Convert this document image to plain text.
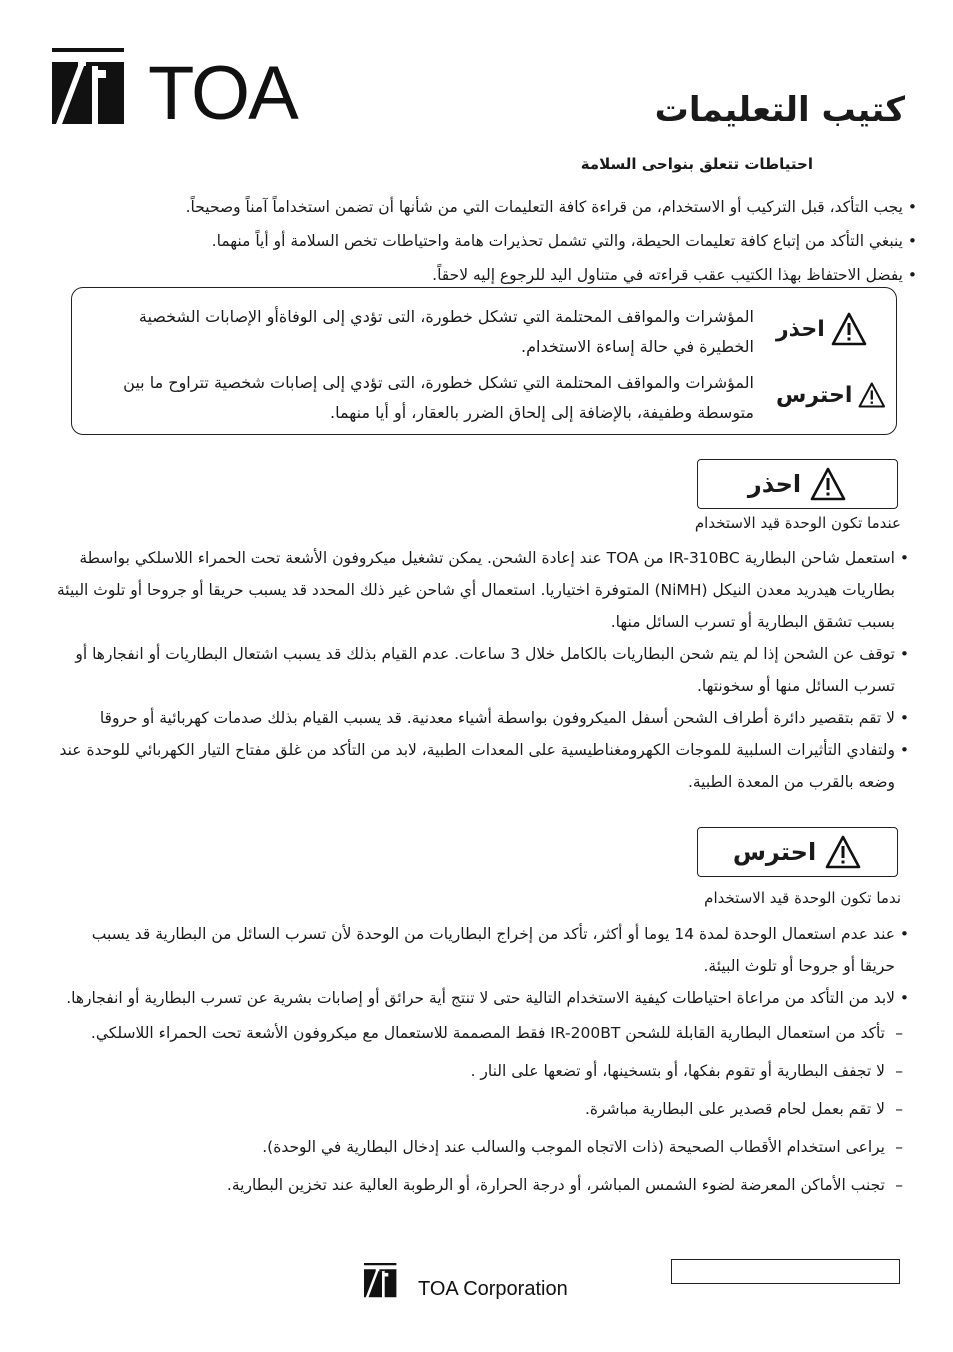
TOA	كتيب التعليمات
احتياطات تتعلق بنواحى السلامة
• يجب التأكد، قبل التركيب أو الاستخدام، من قراءة كافة التعليمات التي من شأنها أن تضمن استخداماً آمناً وصحيحاً.
• ينبغي التأكد من إتباع كافة تعليمات الحيطة، والتي تشمل تحذيرات هامة واحتياطات تخص السلامة أو أياً منهما.
• يفضل الاحتفاظ بهذا الكتيب عقب قراءته في متناول اليد للرجوع إليه لاحقاً.
احذر
المؤشرات والمواقف المحتلمة التي تشكل خطورة، التى تؤدي إلى الوفاةأو الإصابات الشخصية الخطيرة في حالة إساءة الاستخدام.
احترس
المؤشرات والمواقف المحتلمة التي تشكل خطورة، التى تؤدي إلى إصابات شخصية تتراوح ما بين متوسطة وطفيفة، بالإضافة إلى إلحاق الضرر بالعقار، أو أيا منهما.
احذر
عندما تكون الوحدة قيد الاستخدام

• استعمل شاحن البطارية IR-310BC من TOA عند إعادة الشحن. يمكن تشغيل ميكروفون الأشعة تحت الحمراء اللاسلكي بواسطة بطاريات هيدريد معدن النيكل (NiMH) المتوفرة اختياريا. استعمال أي شاحن غير ذلك المحدد قد يسبب حريقا أو جروحا أو تلوث البيئة بسبب تشقق البطارية أو تسرب السائل منها.

• توقف عن الشحن إذا لم يتم شحن البطاريات بالكامل خلال 3 ساعات. عدم القيام بذلك قد يسبب اشتعال البطاريات أو انفجارها أو تسرب السائل منها أو سخونتها.

• لا تقم بتقصير دائرة أطراف الشحن أسفل الميكروفون بواسطة أشياء معدنية. قد يسبب القيام بذلك صدمات كهربائية أو حروقا

• ولتفادي التأثيرات السلبية للموجات الكهرومغناطيسية على المعدات الطبية، لابد من التأكد من غلق مفتاح التيار الكهربائي للوحدة عند وضعه بالقرب من المعدة الطبية.

احترس
ندما تكون الوحدة قيد الاستخدام

• عند عدم استعمال الوحدة لمدة 14 يوما أو أكثر، تأكد من إخراج البطاريات من الوحدة لأن تسرب السائل من البطارية قد يسبب حريقا أو جروحا أو تلوث البيئة.

• لابد من التأكد من مراعاة احتياطات كيفية الاستخدام التالية حتى لا تنتج أية حرائق أو إصابات بشرية عن تسرب البطارية أو انفجارها.

– تأكد من استعمال البطارية القابلة للشحن IR-200BT فقط المصممة للاستعمال مع ميكروفون الأشعة تحت الحمراء اللاسلكي.

– لا تجفف البطارية أو تقوم بفكها، أو بتسخينها، أو تضعها على النار .

– لا تقم بعمل لحام قصدير على البطارية مباشرة.

– يراعى استخدام الأقطاب الصحيحة (ذات الاتجاه الموجب والسالب عند إدخال البطارية في الوحدة).

– تجنب الأماكن المعرضة لضوء الشمس المباشر، أو درجة الحرارة، أو الرطوبة العالية عند تخزين البطارية.

TOA Corporation
